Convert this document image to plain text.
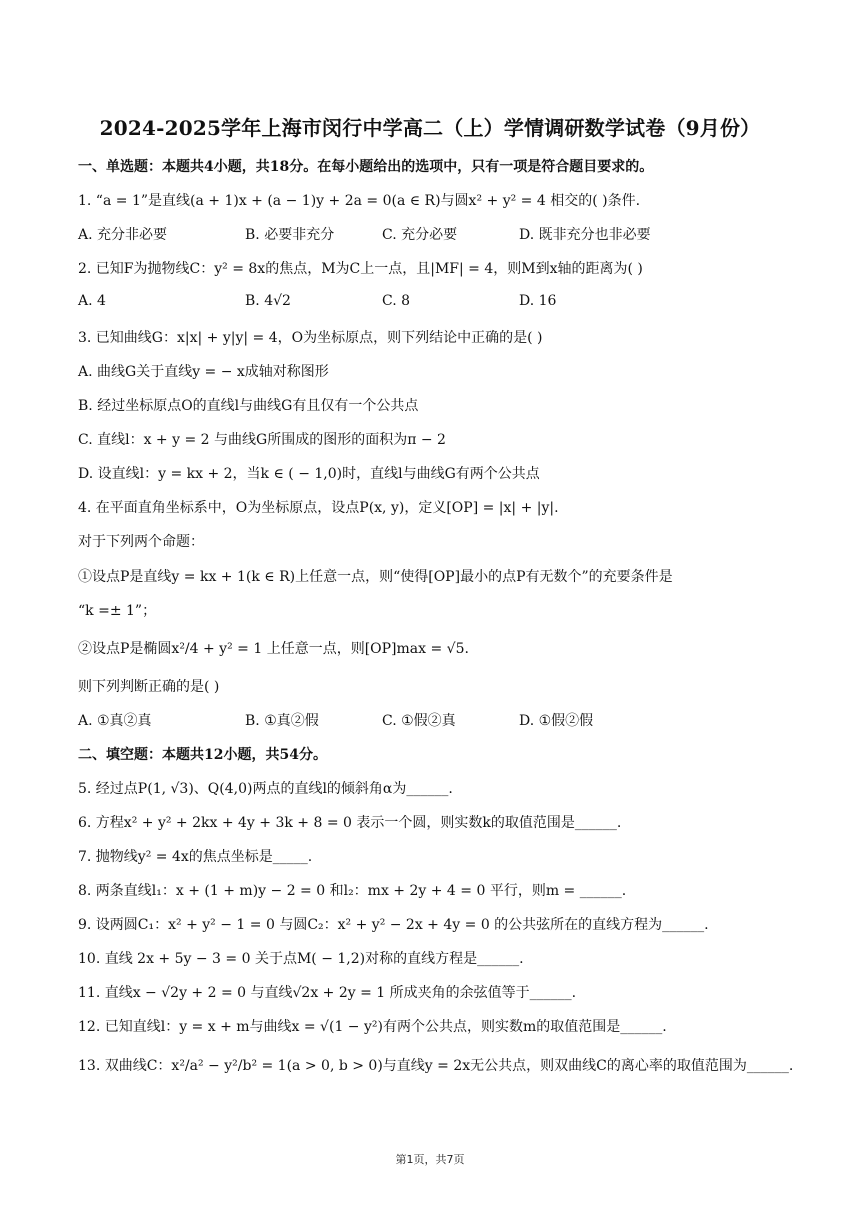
2024-2025学年上海市闵行中学高二（上）学情调研数学试卷（9月份）
一、单选题：本题共4小题，共18分。在每小题给出的选项中，只有一项是符合题目要求的。
1. “a = 1”是直线(a + 1)x + (a − 1)y + 2a = 0(a ∈ R)与圆x² + y² = 4 相交的( )条件.
A. 充分非必要	B. 必要非充分	C. 充分必要	D. 既非充分也非必要
2. 已知F为抛物线C：y² = 8x的焦点，M为C上一点，且|MF| = 4，则M到x轴的距离为( )
A. 4	B. 4√2	C. 8	D. 16
3. 已知曲线G：x|x| + y|y| = 4，O为坐标原点，则下列结论中正确的是( )
A. 曲线G关于直线y = − x成轴对称图形
B. 经过坐标原点O的直线l与曲线G有且仅有一个公共点
C. 直线l：x + y = 2 与曲线G所围成的图形的面积为π − 2
D. 设直线l：y = kx + 2，当k ∈ ( − 1,0)时，直线l与曲线G有两个公共点
4. 在平面直角坐标系中，O为坐标原点，设点P(x, y)，定义[OP] = |x| + |y|.
对于下列两个命题：
①设点P是直线y = kx + 1(k ∈ R)上任意一点，则“使得[OP]最小的点P有无数个”的充要条件是
“k =± 1”；
②设点P是椭圆x²/4 + y² = 1 上任意一点，则[OP]max = √5.
则下列判断正确的是( )
A. ①真②真	B. ①真②假	C. ①假②真	D. ①假②假
二、填空题：本题共12小题，共54分。
5. 经过点P(1, √3)、Q(4,0)两点的直线l的倾斜角α为______.
6. 方程x² + y² + 2kx + 4y + 3k + 8 = 0 表示一个圆，则实数k的取值范围是______.
7. 抛物线y² = 4x的焦点坐标是_____.
8. 两条直线l₁：x + (1 + m)y − 2 = 0 和l₂：mx + 2y + 4 = 0 平行，则m = ______.
9. 设两圆C₁：x² + y² − 1 = 0 与圆C₂：x² + y² − 2x + 4y = 0 的公共弦所在的直线方程为______.
10. 直线 2x + 5y − 3 = 0 关于点M( − 1,2)对称的直线方程是______.
11. 直线x − √2y + 2 = 0 与直线√2x + 2y = 1 所成夹角的余弦值等于______.
12. 已知直线l：y = x + m与曲线x = √(1 − y²)有两个公共点，则实数m的取值范围是______.
13. 双曲线C：x²/a² − y²/b² = 1(a > 0, b > 0)与直线y = 2x无公共点，则双曲线C的离心率的取值范围为______.
第1页，共7页
